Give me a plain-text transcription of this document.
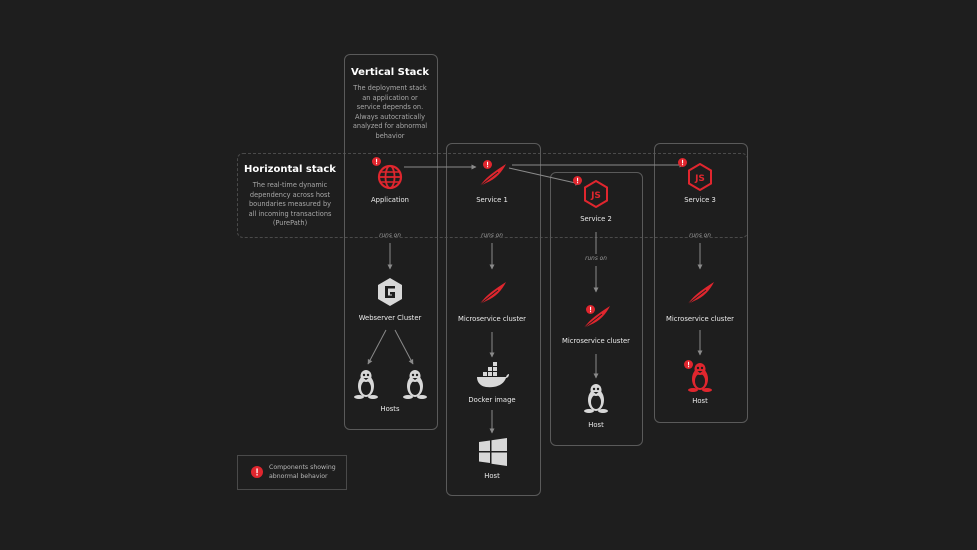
Vertical Stack
The deployment stack an application or service depends on. Always autocratically analyzed for abnormal behavior
Horizontal stack
The real-time dynamic dependency across host boundaries measured by all incoming transactions (PurePath)
Application
runs on
Webserver Cluster
Hosts
Service 1
runs on
Microservice cluster
Docker image
Host
JS
Service 2
runs on
Microservice cluster
Host
JS
Service 3
runs on
Microservice cluster
Host
Components showing abnormal behavior
